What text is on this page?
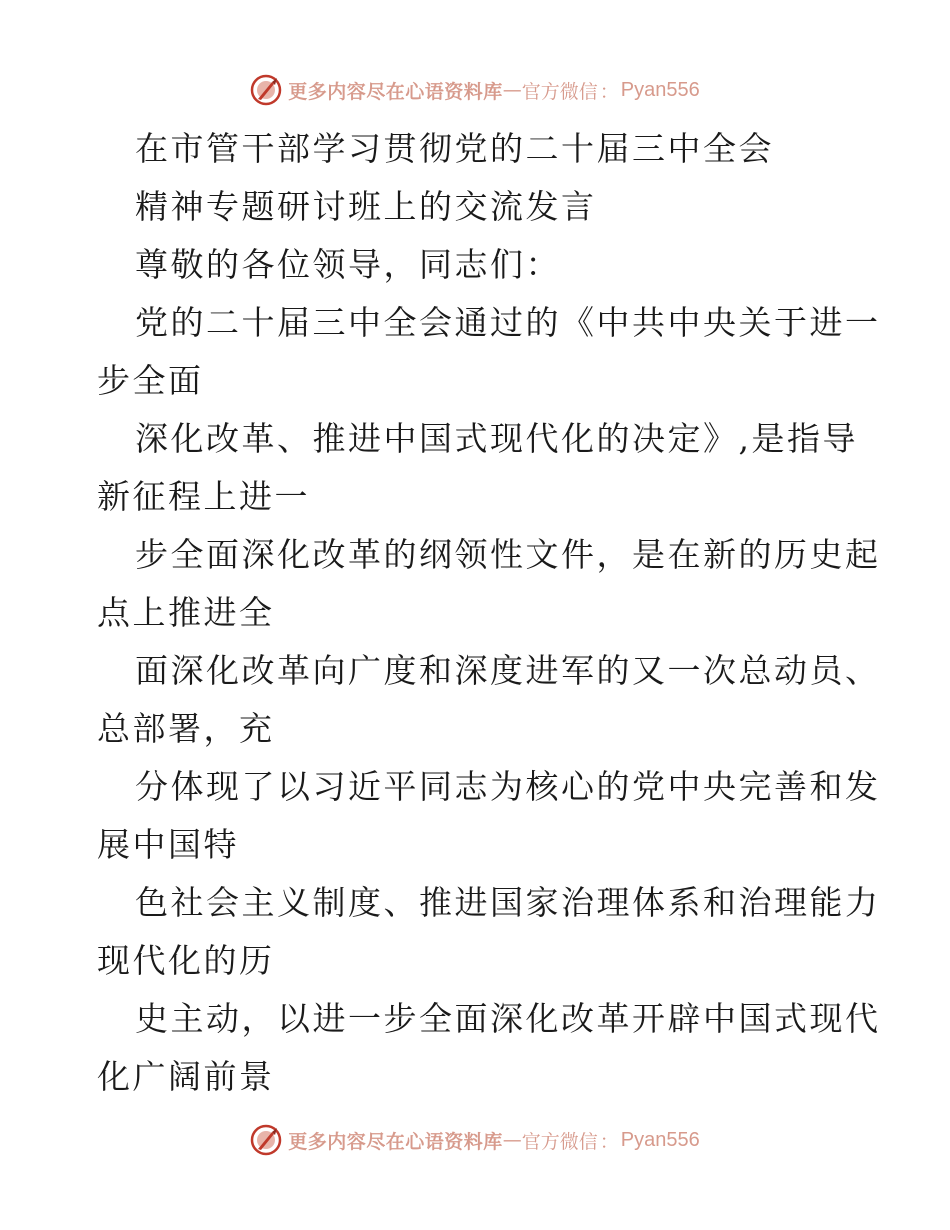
更多内容尽在心语资料库 — 官方微信 ： Pyan556
在市管干部学习贯彻党的二十届三中全会
精神专题研讨班上的交流发言
尊敬的各位领导，同志们：
党的二十届三中全会通过的《中共中央关于进一
步全面
深化改革、推进中国式现代化的决定》,是指导
新征程上进一
步全面深化改革的纲领性文件，是在新的历史起
点上推进全
面深化改革向广度和深度进军的又一次总动员、
总部署，充
分体现了以习近平同志为核心的党中央完善和发
展中国特
色社会主义制度、推进国家治理体系和治理能力
现代化的历
史主动，以进一步全面深化改革开辟中国式现代
化广阔前景
更多内容尽在心语资料库 — 官方微信 ： Pyan556
